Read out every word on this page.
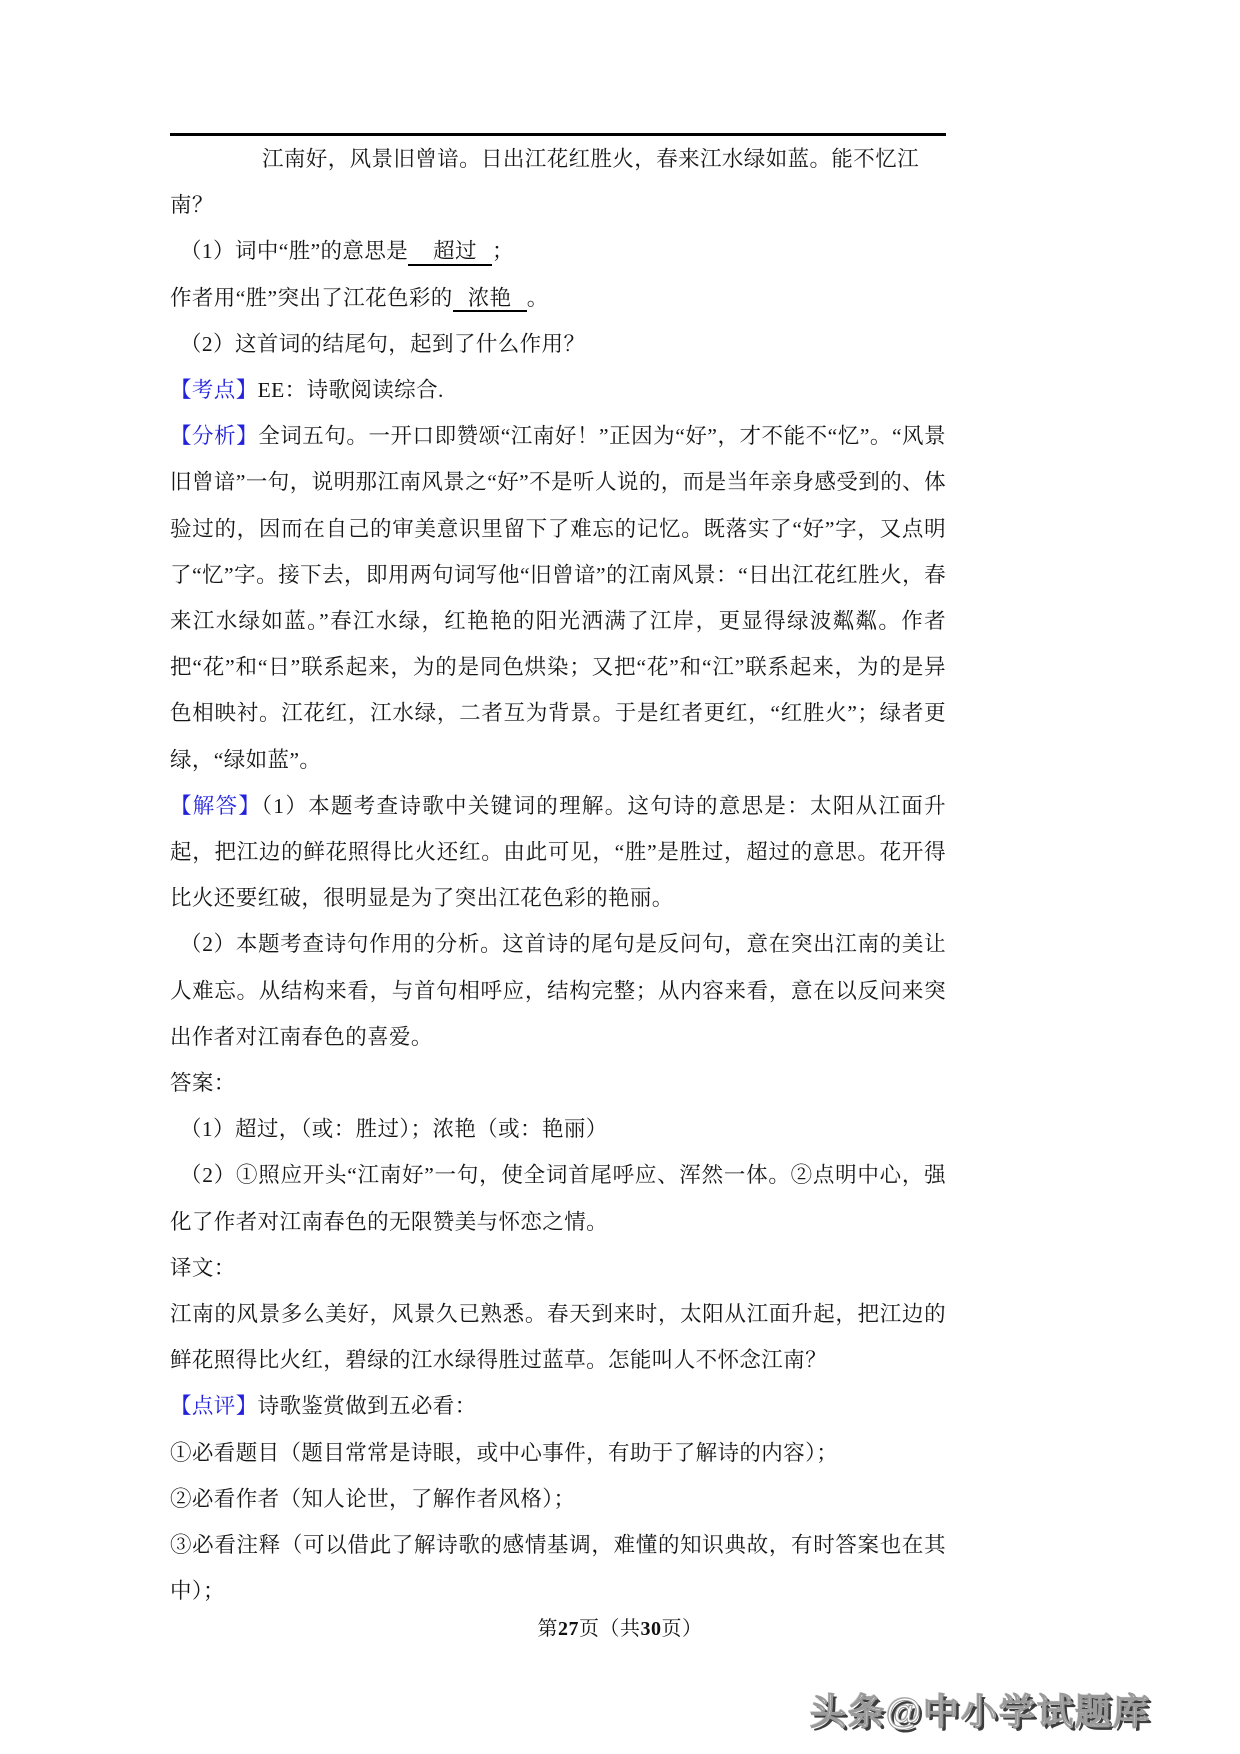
江南好，风景旧曾谙。日出江花红胜火，春来江水绿如蓝。能不忆江南？

（1）词中“胜”的意思是 超过 ；

作者用“胜”突出了江花色彩的 浓艳 。

（2）这首词的结尾句，起到了什么作用？

【考点】EE：诗歌阅读综合.

【分析】全词五句。一开口即赞颂“江南好！”正因为“好”，才不能不“忆”。“风景旧曾谙”一句，说明那江南风景之“好”不是听人说的，而是当年亲身感受到的、体验过的，因而在自己的审美意识里留下了难忘的记忆。既落实了“好”字，又点明了“忆”字。接下去，即用两句词写他“旧曾谙”的江南风景：“日出江花红胜火，春来江水绿如蓝。”春江水绿，红艳艳的阳光洒满了江岸，更显得绿波粼粼。作者把“花”和“日”联系起来，为的是同色烘染；又把“花”和“江”联系起来，为的是异色相映衬。江花红，江水绿，二者互为背景。于是红者更红，“红胜火”；绿者更绿，“绿如蓝”。

【解答】（1）本题考查诗歌中关键词的理解。这句诗的意思是：太阳从江面升起，把江边的鲜花照得比火还红。由此可见，“胜”是胜过，超过的意思。花开得比火还要红破，很明显是为了突出江花色彩的艳丽。

（2）本题考查诗句作用的分析。这首诗的尾句是反问句，意在突出江南的美让人难忘。从结构来看，与首句相呼应，结构完整；从内容来看，意在以反问来突出作者对江南春色的喜爱。

答案：

（1）超过，（或：胜过）；浓艳（或：艳丽）

（2）①照应开头“江南好”一句，使全词首尾呼应、浑然一体。②点明中心，强化了作者对江南春色的无限赞美与怀恋之情。

译文：

江南的风景多么美好，风景久已熟悉。春天到来时，太阳从江面升起，把江边的鲜花照得比火红，碧绿的江水绿得胜过蓝草。怎能叫人不怀念江南？

【点评】诗歌鉴赏做到五必看：

①必看题目（题目常常是诗眼，或中心事件，有助于了解诗的内容）；

②必看作者（知人论世，了解作者风格）；

③必看注释（可以借此了解诗歌的感情基调，难懂的知识典故，有时答案也在其中）；

第27页（共30页）
头条@中小学试题库
